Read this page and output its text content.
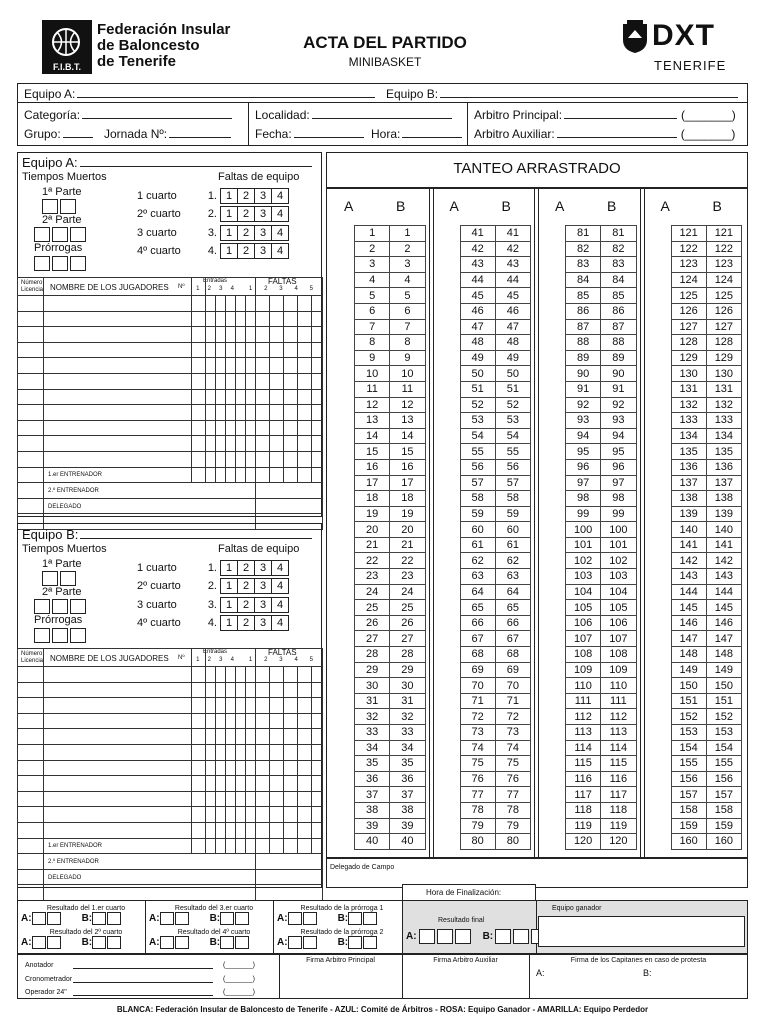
F.I.B.T.
Federación Insular
de Baloncesto
de Tenerife
ACTA DEL PARTIDO
MINIBASKET
DXT
TENERIFE
Equipo A:	Equipo B:
Categoría:
Grupo:	Jornada Nº:
Localidad:
Fecha:	Hora:
Arbitro Principal:	(_______)
Arbitro Auxiliar:	(_______)
Equipo A:
Tiempos Muertos
1ª Parte
2ª Parte
Prórrogas
Faltas de equipo
1 cuarto	1. 1 2 3 4
2º cuarto	2. 1 2 3 4
3 cuarto	3. 1 2 3 4
4º cuarto	4. 1 2 3 4
Número
Licencia NOMBRE DE LOS JUGADORES Nº
Entradas	FALTAS
1 2 3 4	1 2 3 4 5

1.er ENTRENADOR
2.º ENTRENADOR
DELEGADO
Equipo B:
Tiempos Muertos
1ª Parte
2ª Parte
Prórrogas
Faltas de equipo
1 cuarto	1. 1 2 3 4
2º cuarto	2. 1 2 3 4
3 cuarto	3. 1 2 3 4
4º cuarto	4. 1 2 3 4
Número
Licencia NOMBRE DE LOS JUGADORES Nº
Entradas	FALTAS
1 2 3 4	1 2 3 4 5

1.er ENTRENADOR
2.º ENTRENADOR
DELEGADO
TANTEO ARRASTRADO
A	B
1	1
2	2
3	3
4	4
5	5
6	6
7	7
8	8
9	9
10	10
11	11
12	12
13	13
14	14
15	15
16	16
17	17
18	18
19	19
20	20
21	21
22	22
23	23
24	24
25	25
26	26
27	27
28	28
29	29
30	30
31	31
32	32
33	33
34	34
35	35
36	36
37	37
38	38
39	39
40	40
A	B
41	41
42	42
43	43
44	44
45	45
46	46
47	47
48	48
49	49
50	50
51	51
52	52
53	53
54	54
55	55
56	56
57	57
58	58
59	59
60	60
61	61
62	62
63	63
64	64
65	65
66	66
67	67
68	68
69	69
70	70
71	71
72	72
73	73
74	74
75	75
76	76
77	77
78	78
79	79
80	80
A	B
81	81
82	82
83	83
84	84
85	85
86	86
87	87
88	88
89	89
90	90
91	91
92	92
93	93
94	94
95	95
96	96
97	97
98	98
99	99
100	100
101	101
102	102
103	103
104	104
105	105
106	106
107	107
108	108
109	109
110	110
111	111
112	112
113	113
114	114
115	115
116	116
117	117
118	118
119	119
120	120
A	B
121	121
122	122
123	123
124	124
125	125
126	126
127	127
128	128
129	129
130	130
131	131
132	132
133	133
134	134
135	135
136	136
137	137
138	138
139	139
140	140
141	141
142	142
143	143
144	144
145	145
146	146
147	147
148	148
149	149
150	150
151	151
152	152
153	153
154	154
155	155
156	156
157	157
158	158
159	159
160	160
Delegado de Campo
Hora de Finalización:
Resultado del 1.er cuarto
A:	B:
Resultado del 2º cuarto
A:	B:
Resultado del 3.er cuarto
A:	B:
Resultado del 4º cuarto
A:	B:
Resultado de la prórroga 1
A:	B:
Resultado de la prórroga 2
A:	B:
Resultado final
A:	B:
Equipo ganador
Anotador	(_______)
Cronometrador	(_______)
Operador 24"	(_______)
Firma Arbitro Principal	Firma Arbitro Auxiliar	Firma de los Capitanes en caso de protesta
A:	B:
BLANCA: Federación Insular de Baloncesto de Tenerife - AZUL: Comité de Árbitros - ROSA: Equipo Ganador - AMARILLA: Equipo Perdedor
